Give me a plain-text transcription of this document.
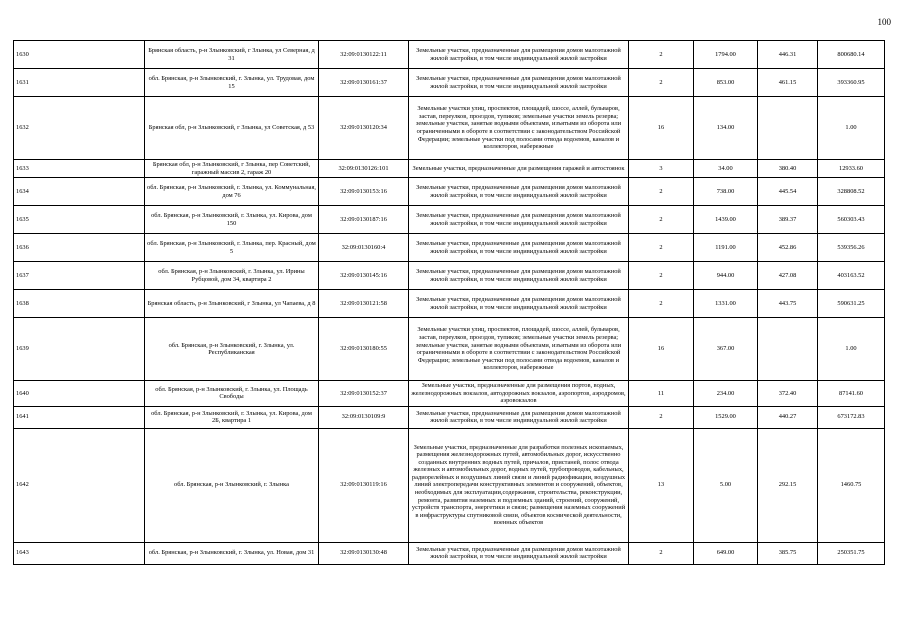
100
1630	Брянская область, р-н Злынковский, г Злынка, ул Северная, д 31	32:09:0130122:11	Земельные участки, предназначенные для размещения домов малоэтажной жилой застройки, в том числе индивидуальной жилой застройки	2	1794.00	446.31	800680.14
1631	обл. Брянская, р-н Злынковский, г. Злынка, ул. Трудовая, дом 15	32:09:0130161:37	Земельные участки, предназначенные для размещения домов малоэтажной жилой застройки, в том числе индивидуальной жилой застройки	2	853.00	461.15	393360.95
1632	Брянская обл, р-н Злынковский, г Злынка, ул Советская, д 53	32:09:0130120:34	Земельные участки улиц, проспектов, площадей, шоссе, аллей, бульваров, застав, переулков, проездов, тупиков; земельные участки земель резерва; земельные участки, занятые водными объектами, изъятыми из оборота или ограниченными в обороте в соответствии с законодательством Российской Федерации; земельные участки под полосами отвода водоемов, каналов и коллекторов, набережные	16	134.00		1.00
1633	Брянская обл, р-н Злынковский, г Злынка, пер Советский, гаражный массив 2, гараж 20	32:09:0130126:101	Земельные участки, предназначенные для размещения гаражей и автостоянок	3	34.00	380.40	12933.60
1634	обл. Брянская, р-н Злынковский, г. Злынка, ул. Коммунальная, дом 76	32:09:0130153:16	Земельные участки, предназначенные для размещения домов малоэтажной жилой застройки, в том числе индивидуальной жилой застройки	2	738.00	445.54	328808.52
1635	обл. Брянская, р-н Злынковский, г. Злынка, ул. Кирова, дом 150	32:09:0130187:16	Земельные участки, предназначенные для размещения домов малоэтажной жилой застройки, в том числе индивидуальной жилой застройки	2	1439.00	389.37	560303.43
1636	обл. Брянская, р-н Злынковский, г. Злынка, пер. Красный, дом 5	32:09:0130160:4	Земельные участки, предназначенные для размещения домов малоэтажной жилой застройки, в том числе индивидуальной жилой застройки	2	1191.00	452.86	539356.26
1637	обл. Брянская, р-н Злынковский, г. Злынка, ул. Ирины Рубцовой, дом 34, квартира 2	32:09:0130145:16	Земельные участки, предназначенные для размещения домов малоэтажной жилой застройки, в том числе индивидуальной жилой застройки	2	944.00	427.08	403163.52
1638	Брянская область, р-н Злынковский, г Злынка, ул Чапаева, д 8	32:09:0130121:58	Земельные участки, предназначенные для размещения домов малоэтажной жилой застройки, в том числе индивидуальной жилой застройки	2	1331.00	443.75	590631.25
1639	обл. Брянская, р-н Злынковский, г. Злынка, ул. Республиканская	32:09:0130180:55	Земельные участки улиц, проспектов, площадей, шоссе, аллей, бульваров, застав, переулков, проездов, тупиков; земельные участки земель резерва; земельные участки, занятые водными объектами, изъятыми из оборота или ограниченными в обороте в соответствии с законодательством Российской Федерации; земельные участки под полосами отвода водоемов, каналов и коллекторов, набережные	16	367.00		1.00
1640	обл. Брянская, р-н Злынковский, г. Злынка, ул. Площадь Свободы	32:09:0130152:37	Земельные участки, предназначенные для размещения портов, водных, железнодорожных вокзалов, автодорожных вокзалов, аэропортов, аэродромов, аэровокзалов	11	234.00	372.40	87141.60
1641	обл. Брянская, р-н Злынковский, г. Злынка, ул. Кирова, дом 2Б, квартира 1	32:09:0130109:9	Земельные участки, предназначенные для размещения домов малоэтажной жилой застройки, в том числе индивидуальной жилой застройки	2	1529.00	440.27	673172.83
1642	обл. Брянская, р-н Злынковский, г. Злынка	32:09:0130119:16	Земельные участки, предназначенные для разработки полезных ископаемых, размещения железнодорожных путей, автомобильных дорог, искусственно созданных внутренних водных путей, причалов, пристаней, полос отвода железных и автомобильных дорог, водных путей, трубопроводов, кабельных, радиорелейных и воздушных линий связи и линий радиофикации, воздушных линий электропередачи конструктивных элементов и сооружений, объектов, необходимых для эксплуатации,содержания, строительства, реконструкции, ремонта, развития наземных и подземных зданий, строений, сооружений, устройств транспорта, энергетики и связи; размещения наземных сооружений в инфраструктуры спутниковой связи, объектов космической деятельности, военных объектов	13	5.00	292.15	1460.75
1643	обл. Брянская, р-н Злынковский, г. Злынка, ул. Новая, дом 31	32:09:0130130:48	Земельные участки, предназначенные для размещения домов малоэтажной жилой застройки, в том числе индивидуальной жилой застройки	2	649.00	385.75	250351.75
